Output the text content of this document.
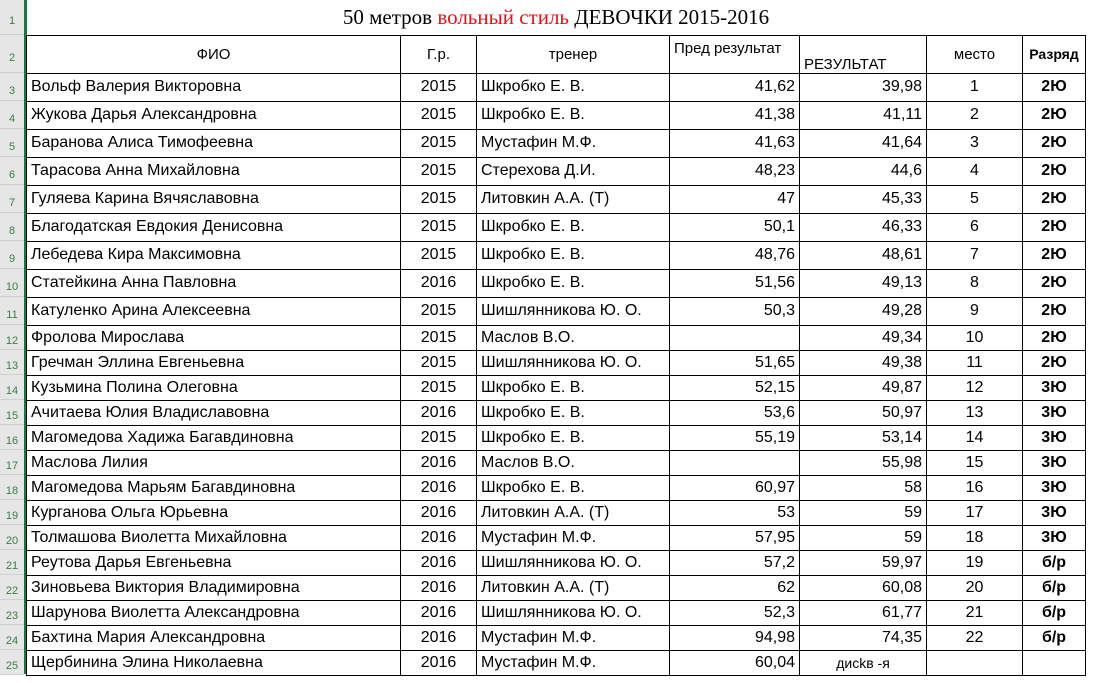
1
2
3
4
5
6
7
8
9
10
11
12
13
14
15
16
17
18
19
20
21
22
23
24
25
50 метров вольный стиль ДЕВОЧКИ 2015-2016						
ФИО	Г.р.	тренер	Пред результат	РЕЗУЛЬТАТ	место	Разряд
Вольф Валерия Викторовна	2015	Шкробко Е. В.	41,62	39,98	1	2Ю
Жукова Дарья Александровна	2015	Шкробко Е. В.	41,38	41,11	2	2Ю
Баранова Алиса Тимофеевна	2015	Мустафин М.Ф.	41,63	41,64	3	2Ю
Тарасова Анна Михайловна	2015	Стерехова Д.И.	48,23	44,6	4	2Ю
Гуляева Карина Вячяславовна	2015	Литовкин А.А. (Т)	47	45,33	5	2Ю
Благодатская Евдокия Денисовна	2015	Шкробко Е. В.	50,1	46,33	6	2Ю
Лебедева Кира Максимовна	2015	Шкробко Е. В.	48,76	48,61	7	2Ю
Статейкина Анна Павловна	2016	Шкробко Е. В.	51,56	49,13	8	2Ю
Катуленко Арина Алексеевна	2015	Шишлянникова Ю. О.	50,3	49,28	9	2Ю
Фролова Мирослава	2015	Маслов В.О.		49,34	10	2Ю
Гречман Эллина Евгеньевна	2015	Шишлянникова Ю. О.	51,65	49,38	11	2Ю
Кузьмина Полина Олеговна	2015	Шкробко Е. В.	52,15	49,87	12	3Ю
Ачитаева Юлия Владиславовна	2016	Шкробко Е. В.	53,6	50,97	13	3Ю
Магомедова Хадижа Багавдиновна	2015	Шкробко Е. В.	55,19	53,14	14	3Ю
Маслова Лилия	2016	Маслов В.О.		55,98	15	3Ю
Магомедова Марьям Багавдиновна	2016	Шкробко Е. В.	60,97	58	16	3Ю
Курганова Ольга Юрьевна	2016	Литовкин А.А. (Т)	53	59	17	3Ю
Толмашова Виолетта Михайловна	2016	Мустафин М.Ф.	57,95	59	18	3Ю
Реутова Дарья Евгеньевна	2016	Шишлянникова Ю. О.	57,2	59,97	19	б/р
Зиновьева Виктория Владимировна	2016	Литовкин А.А. (Т)	62	60,08	20	б/р
Шарунова Виолетта Александровна	2016	Шишлянникова Ю. О.	52,3	61,77	21	б/р
Бахтина Мария Александровна	2016	Мустафин М.Ф.	94,98	74,35	22	б/р
Щербинина Элина Николаевна	2016	Мустафин М.Ф.	60,04	дисkв -я		
